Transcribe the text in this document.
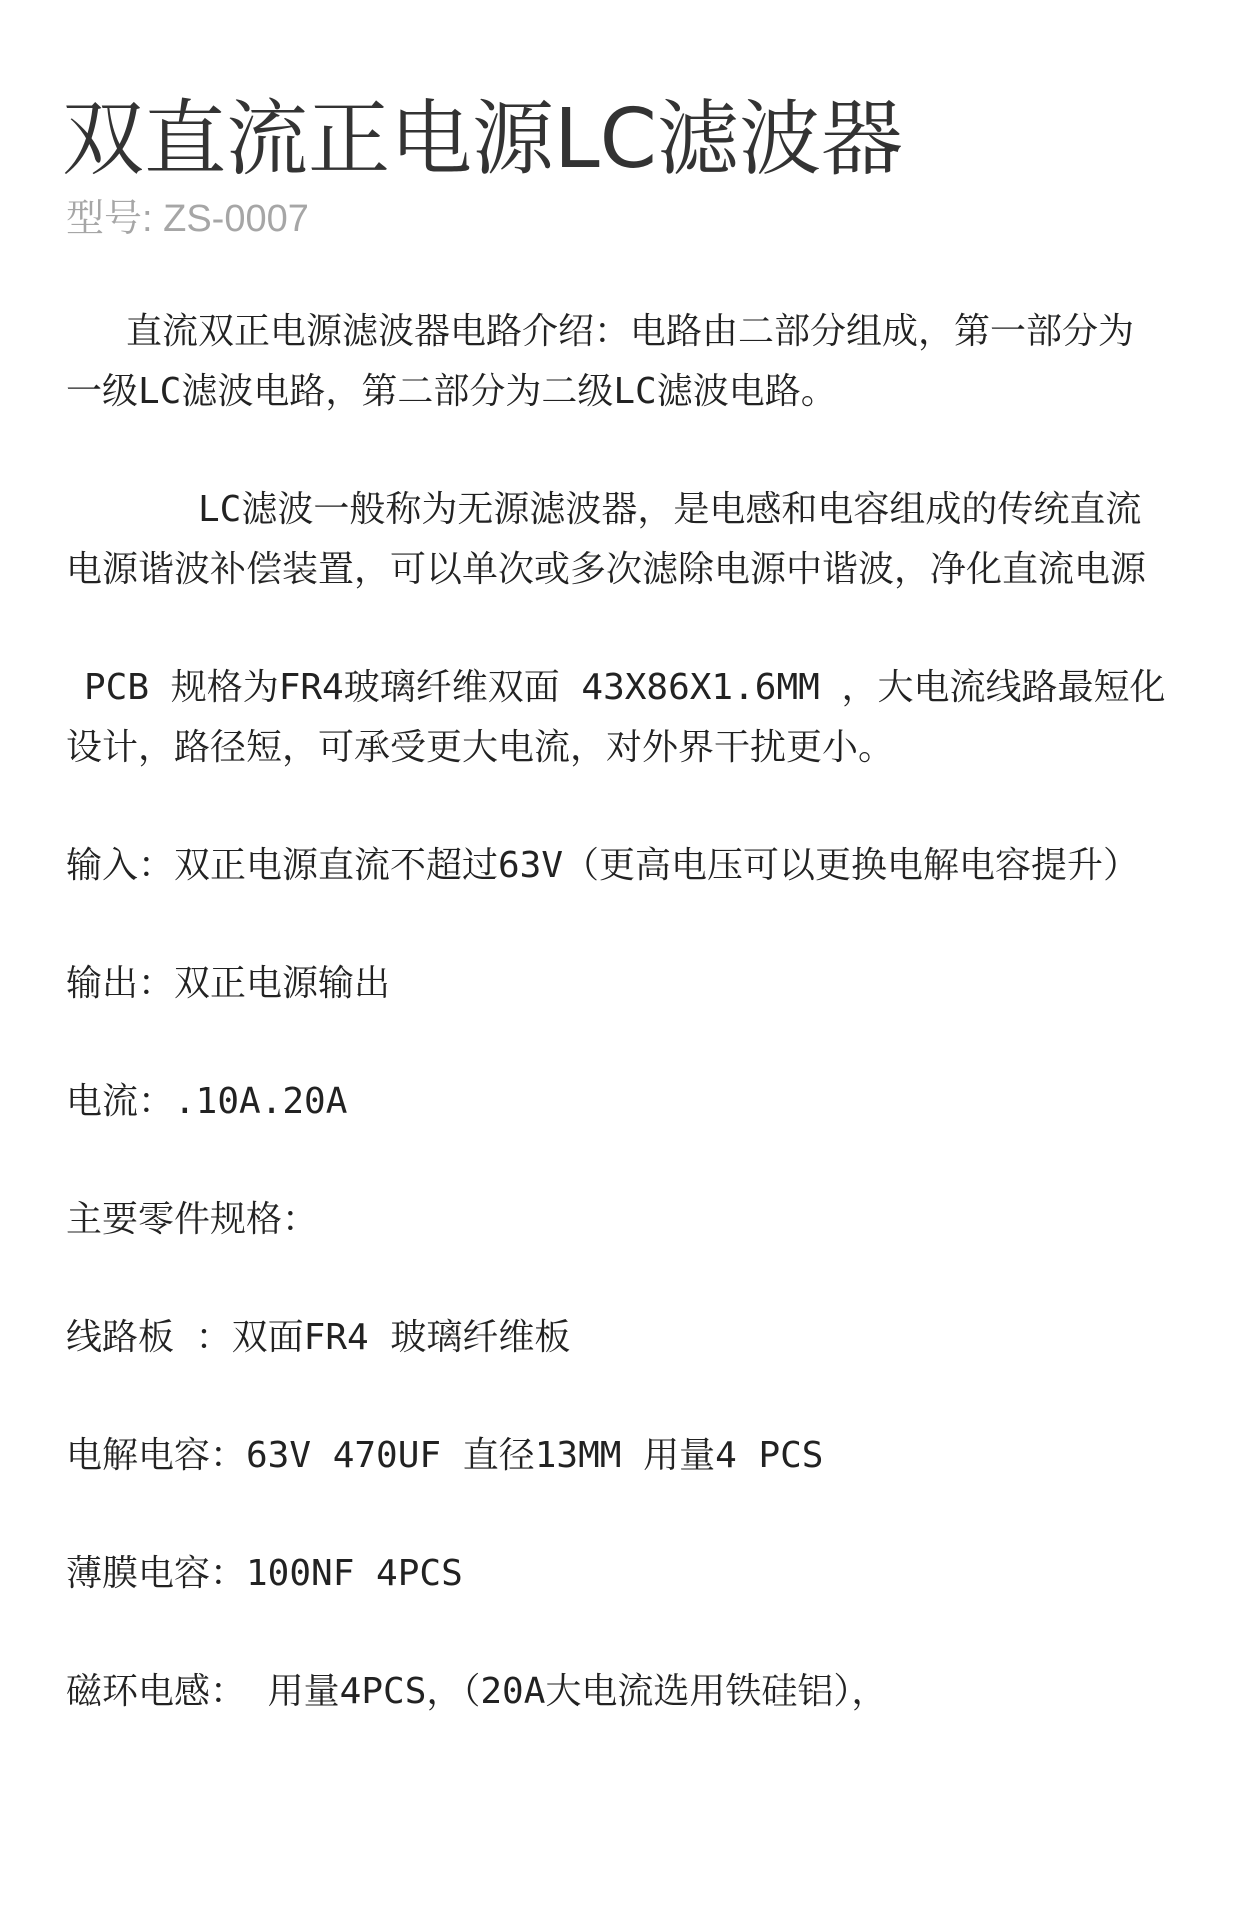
双直流正电源LC滤波器
型号: ZS-0007

直流双正电源滤波器电路介绍：电路由二部分组成，第一部分为一级LC滤波电路，第二部分为二级LC滤波电路。

LC滤波一般称为无源滤波器，是电感和电容组成的传统直流电源谐波补偿装置，可以单次或多次滤除电源中谐波，净化直流电源

PCB 规格为FR4玻璃纤维双面 43X86X1.6MM ，大电流线路最短化设计，路径短，可承受更大电流，对外界干扰更小。

输入：双正电源直流不超过63V（更高电压可以更换电解电容提升）

输出：双正电源输出

电流：.10A.20A

主要零件规格：

线路板 ：双面FR4 玻璃纤维板

电解电容：63V 470UF 直径13MM 用量4 PCS

薄膜电容：100NF 4PCS

磁环电感： 用量4PCS，（20A大电流选用铁硅铝），
